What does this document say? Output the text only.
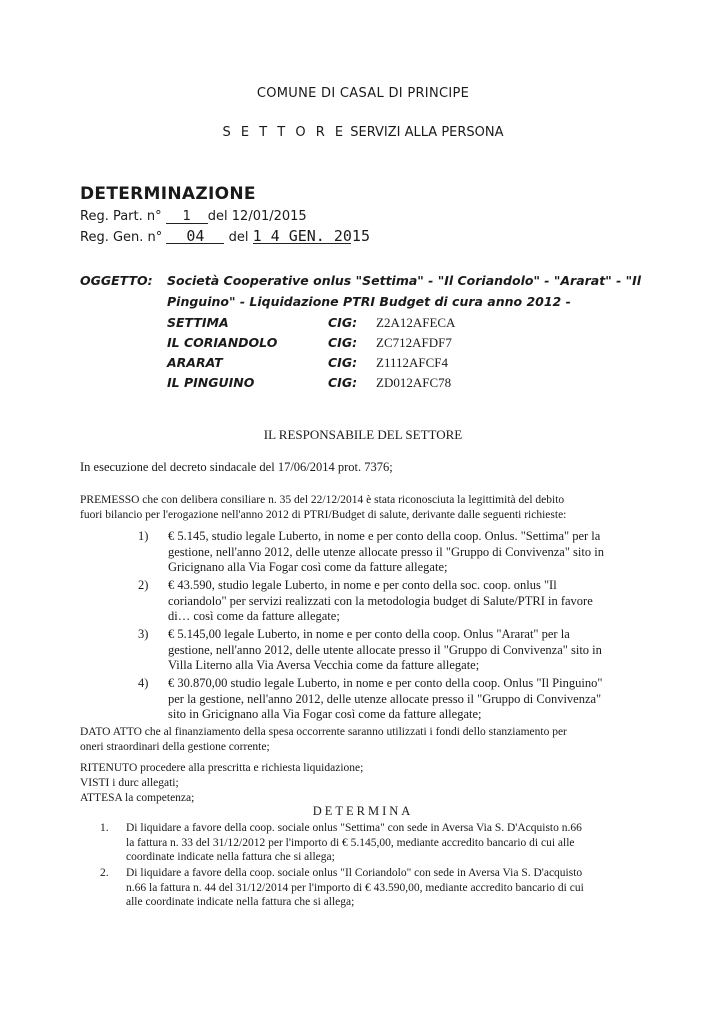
COMUNE DI CASAL DI PRINCIPE
S E T T O R E SERVIZI ALLA PERSONA
DETERMINAZIONE
Reg. Part. n° 1 del 12/01/2015
Reg. Gen. n° 04 del 1 4 GEN. 2015
OGGETTO: Società Cooperative onlus "Settima" - "Il Coriandolo" - "Ararat" - "Il
Pinguino" - Liquidazione PTRI Budget di cura anno 2012 -
SETTIMA	CIG: Z2A12AFECA
IL CORIANDOLO	CIG: ZC712AFDF7
ARARAT	CIG: Z1112AFCF4
IL PINGUINO	CIG: ZD012AFC78
IL RESPONSABILE DEL SETTORE
In esecuzione del decreto sindacale del 17/06/2014 prot. 7376;
PREMESSO che con delibera consiliare n. 35 del 22/12/2014 è stata riconosciuta la legittimità del debito
fuori bilancio per l'erogazione nell'anno 2012 di PTRI/Budget di salute, derivante dalle seguenti richieste:
1) € 5.145, studio legale Luberto, in nome e per conto della coop. Onlus. "Settima" per la
gestione, nell'anno 2012, delle utenze allocate presso il "Gruppo di Convivenza" sito in
Gricignano alla Via Fogar così come da fatture allegate;
2) € 43.590, studio legale Luberto, in nome e per conto della soc. coop. onlus "Il
coriandolo" per servizi realizzati con la metodologia budget di Salute/PTRI in favore
di… così come da fatture allegate;
3) € 5.145,00 legale Luberto, in nome e per conto della coop. Onlus "Ararat" per la
gestione, nell'anno 2012, delle utente allocate presso il "Gruppo di Convivenza" sito in
Villa Literno alla Via Aversa Vecchia come da fatture allegate;
4) € 30.870,00 studio legale Luberto, in nome e per conto della coop. Onlus "Il Pinguino"
per la gestione, nell'anno 2012, delle utenze allocate presso il "Gruppo di Convivenza"
sito in Gricignano alla Via Fogar così come da fatture allegate;
DATO ATTO che al finanziamento della spesa occorrente saranno utilizzati i fondi dello stanziamento per
oneri straordinari della gestione corrente;
RITENUTO procedere alla prescritta e richiesta liquidazione;
VISTI i durc allegati;
ATTESA la competenza;
DETERMINA
1. Di liquidare a favore della coop. sociale onlus "Settima" con sede in Aversa Via S. D'Acquisto n.66
la fattura n. 33 del 31/12/2012 per l'importo di € 5.145,00, mediante accredito bancario di cui alle
coordinate indicate nella fattura che si allega;
2. Di liquidare a favore della coop. sociale onlus "Il Coriandolo" con sede in Aversa Via S. D'acquisto
n.66 la fattura n. 44 del 31/12/2014 per l'importo di € 43.590,00, mediante accredito bancario di cui
alle coordinate indicate nella fattura che si allega;
